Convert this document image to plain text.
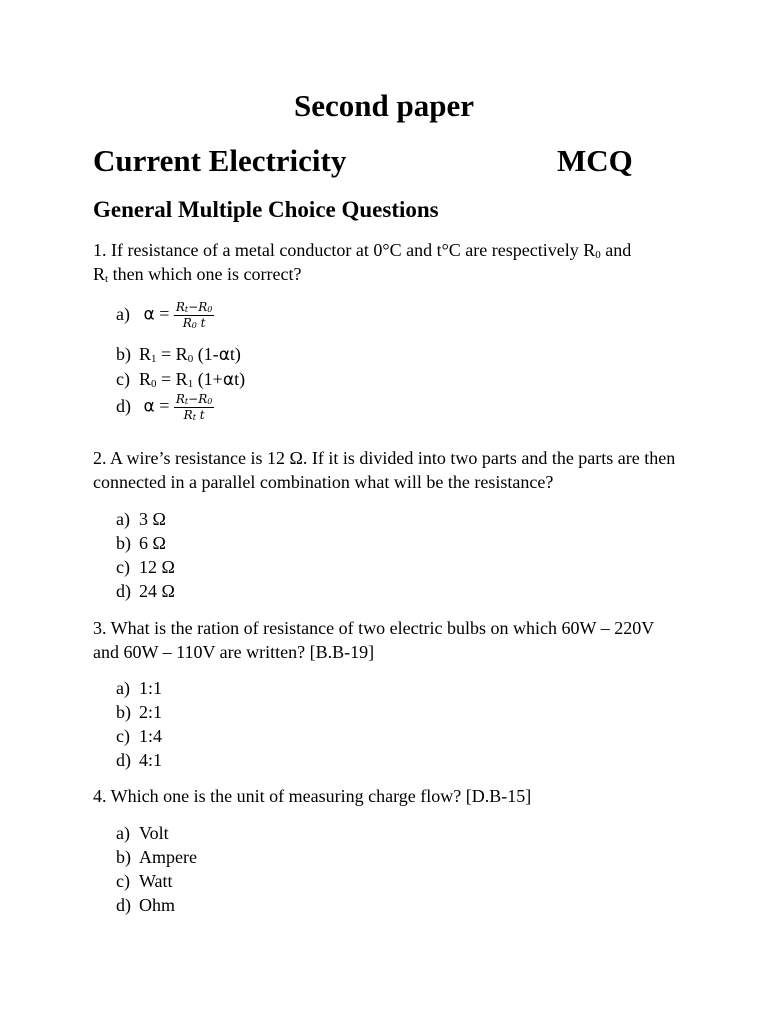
Second paper
Current Electricity	MCQ
General Multiple Choice Questions
1. If resistance of a metal conductor at 0°C and t°C are respectively $R_0$ and
$R_t$ then which one is correct?
a) $\alpha = \frac{R_t-R_0}{R_0 t}$
b) $R_1 = R_0$ (1-αt)
c) $R_0 = R_1$ (1+αt)
d) $\alpha = \frac{R_t-R_0}{R_t t}$
2. A wire’s resistance is 12 Ω. If it is divided into two parts and the parts are then connected in a parallel combination what will be the resistance?
a) 3 Ω
b) 6 Ω
c) 12 Ω
d) 24 Ω
3. What is the ration of resistance of two electric bulbs on which 60W – 220V and 60W – 110V are written? [B.B-19]
a) 1:1
b) 2:1
c) 1:4
d) 4:1
4. Which one is the unit of measuring charge flow? [D.B-15]
a) Volt
b) Ampere
c) Watt
d) Ohm
